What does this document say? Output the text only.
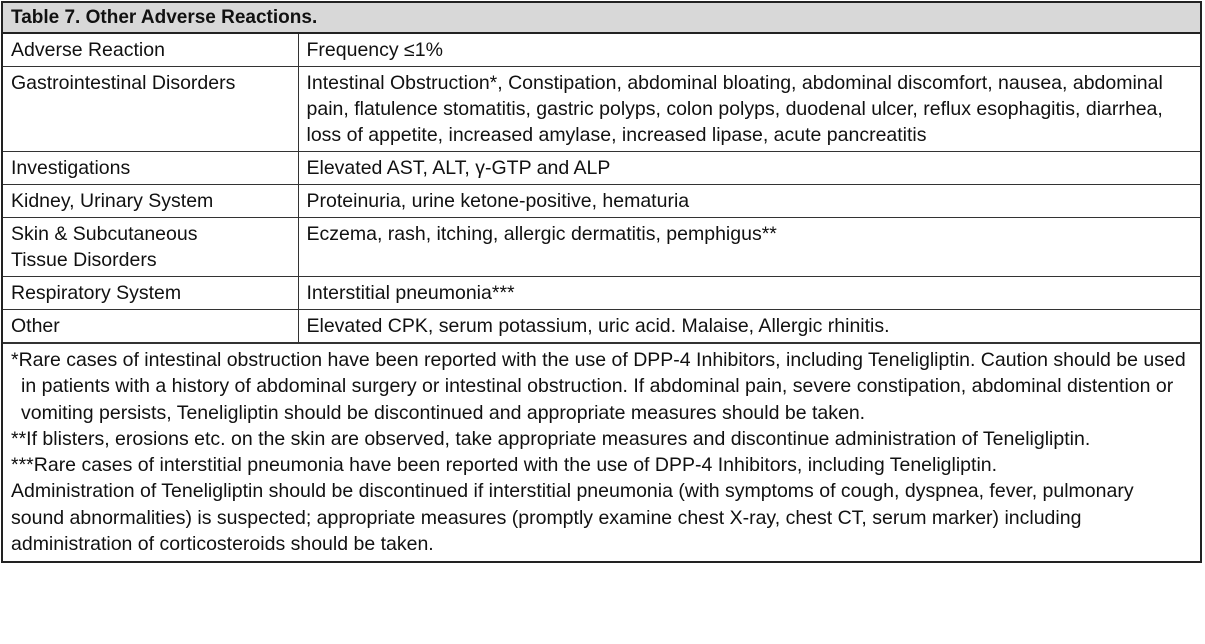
Table 7. Other Adverse Reactions.
Adverse Reaction	Frequency ≤1%
Gastrointestinal Disorders	Intestinal Obstruction*, Constipation, abdominal bloating, abdominal discomfort, nausea, abdominal pain, flatulence stomatitis, gastric polyps, colon polyps, duodenal ulcer, reflux esophagitis, diarrhea, loss of appetite, increased amylase, increased lipase, acute pancreatitis
Investigations	Elevated AST, ALT, γ-GTP and ALP
Kidney, Urinary System	Proteinuria, urine ketone-positive, hematuria
Skin & Subcutaneous Tissue Disorders	Eczema, rash, itching, allergic dermatitis, pemphigus**
Respiratory System	Interstitial pneumonia***
Other	Elevated CPK, serum potassium, uric acid. Malaise, Allergic rhinitis.

*Rare cases of intestinal obstruction have been reported with the use of DPP-4 Inhibitors, including Teneligliptin. Caution should be used in patients with a history of abdominal surgery or intestinal obstruction. If abdominal pain, severe constipation, abdominal distention or vomiting persists, Teneligliptin should be discontinued and appropriate measures should be taken.

**If blisters, erosions etc. on the skin are observed, take appropriate measures and discontinue administration of Teneligliptin.

***Rare cases of interstitial pneumonia have been reported with the use of DPP-4 Inhibitors, including Teneligliptin.

Administration of Teneligliptin should be discontinued if interstitial pneumonia (with symptoms of cough, dyspnea, fever, pulmonary sound abnormalities) is suspected; appropriate measures (promptly examine chest X-ray, chest CT, serum marker) including administration of corticosteroids should be taken.
